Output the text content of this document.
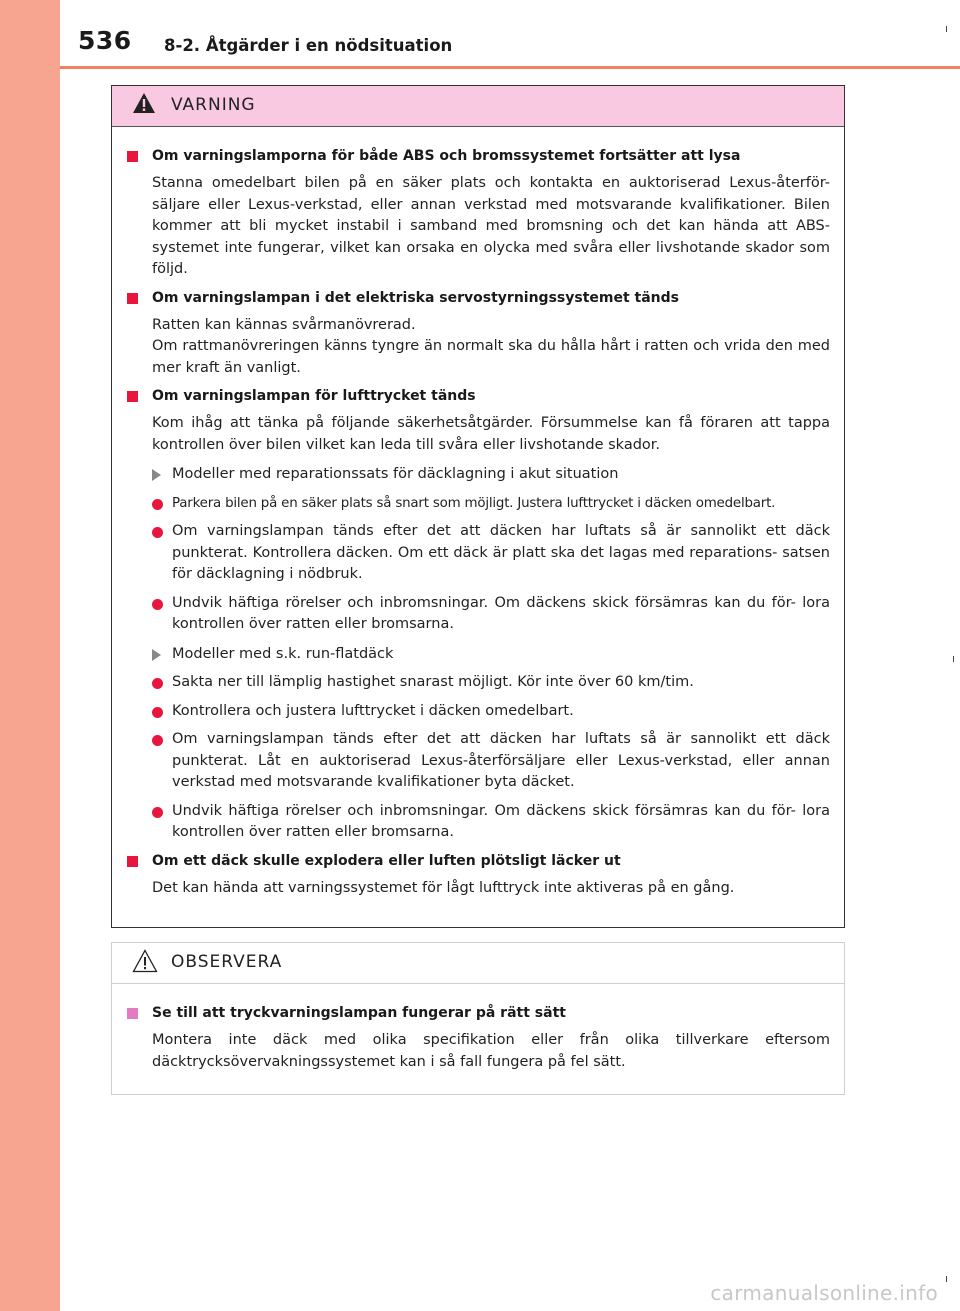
536 8-2. Åtgärder i en nödsituation
VARNING
Om varningslamporna för både ABS och bromssystemet fortsätter att lysa
Stanna omedelbart bilen på en säker plats och kontakta en auktoriserad Lexus-återför- säljare eller Lexus-verkstad, eller annan verkstad med motsvarande kvalifikationer. Bilen kommer att bli mycket instabil i samband med bromsning och det kan hända att ABS-systemet inte fungerar, vilket kan orsaka en olycka med svåra eller livshotande skador som följd.
Om varningslampan i det elektriska servostyrningssystemet tänds
Ratten kan kännas svårmanövrerad.
Om rattmanövreringen känns tyngre än normalt ska du hålla hårt i ratten och vrida den med mer kraft än vanligt.
Om varningslampan för lufttrycket tänds
Kom ihåg att tänka på följande säkerhetsåtgärder. Försummelse kan få föraren att tappa kontrollen över bilen vilket kan leda till svåra eller livshotande skador.
Modeller med reparationssats för däcklagning i akut situation
Parkera bilen på en säker plats så snart som möjligt. Justera lufttrycket i däcken omedelbart.
Om varningslampan tänds efter det att däcken har luftats så är sannolikt ett däck punkterat. Kontrollera däcken. Om ett däck är platt ska det lagas med reparations- satsen för däcklagning i nödbruk.
Undvik häftiga rörelser och inbromsningar. Om däckens skick försämras kan du för- lora kontrollen över ratten eller bromsarna.
Modeller med s.k. run-flatdäck
Sakta ner till lämplig hastighet snarast möjligt. Kör inte över 60 km/tim.
Kontrollera och justera lufttrycket i däcken omedelbart.
Om varningslampan tänds efter det att däcken har luftats så är sannolikt ett däck punkterat. Låt en auktoriserad Lexus-återförsäljare eller Lexus-verkstad, eller annan verkstad med motsvarande kvalifikationer byta däcket.
Undvik häftiga rörelser och inbromsningar. Om däckens skick försämras kan du för- lora kontrollen över ratten eller bromsarna.
Om ett däck skulle explodera eller luften plötsligt läcker ut
Det kan hända att varningssystemet för lågt lufttryck inte aktiveras på en gång.
OBSERVERA
Se till att tryckvarningslampan fungerar på rätt sätt
Montera inte däck med olika specifikation eller från olika tillverkare eftersom däcktrycksövervakningssystemet kan i så fall fungera på fel sätt.
carmanualsonline.info
